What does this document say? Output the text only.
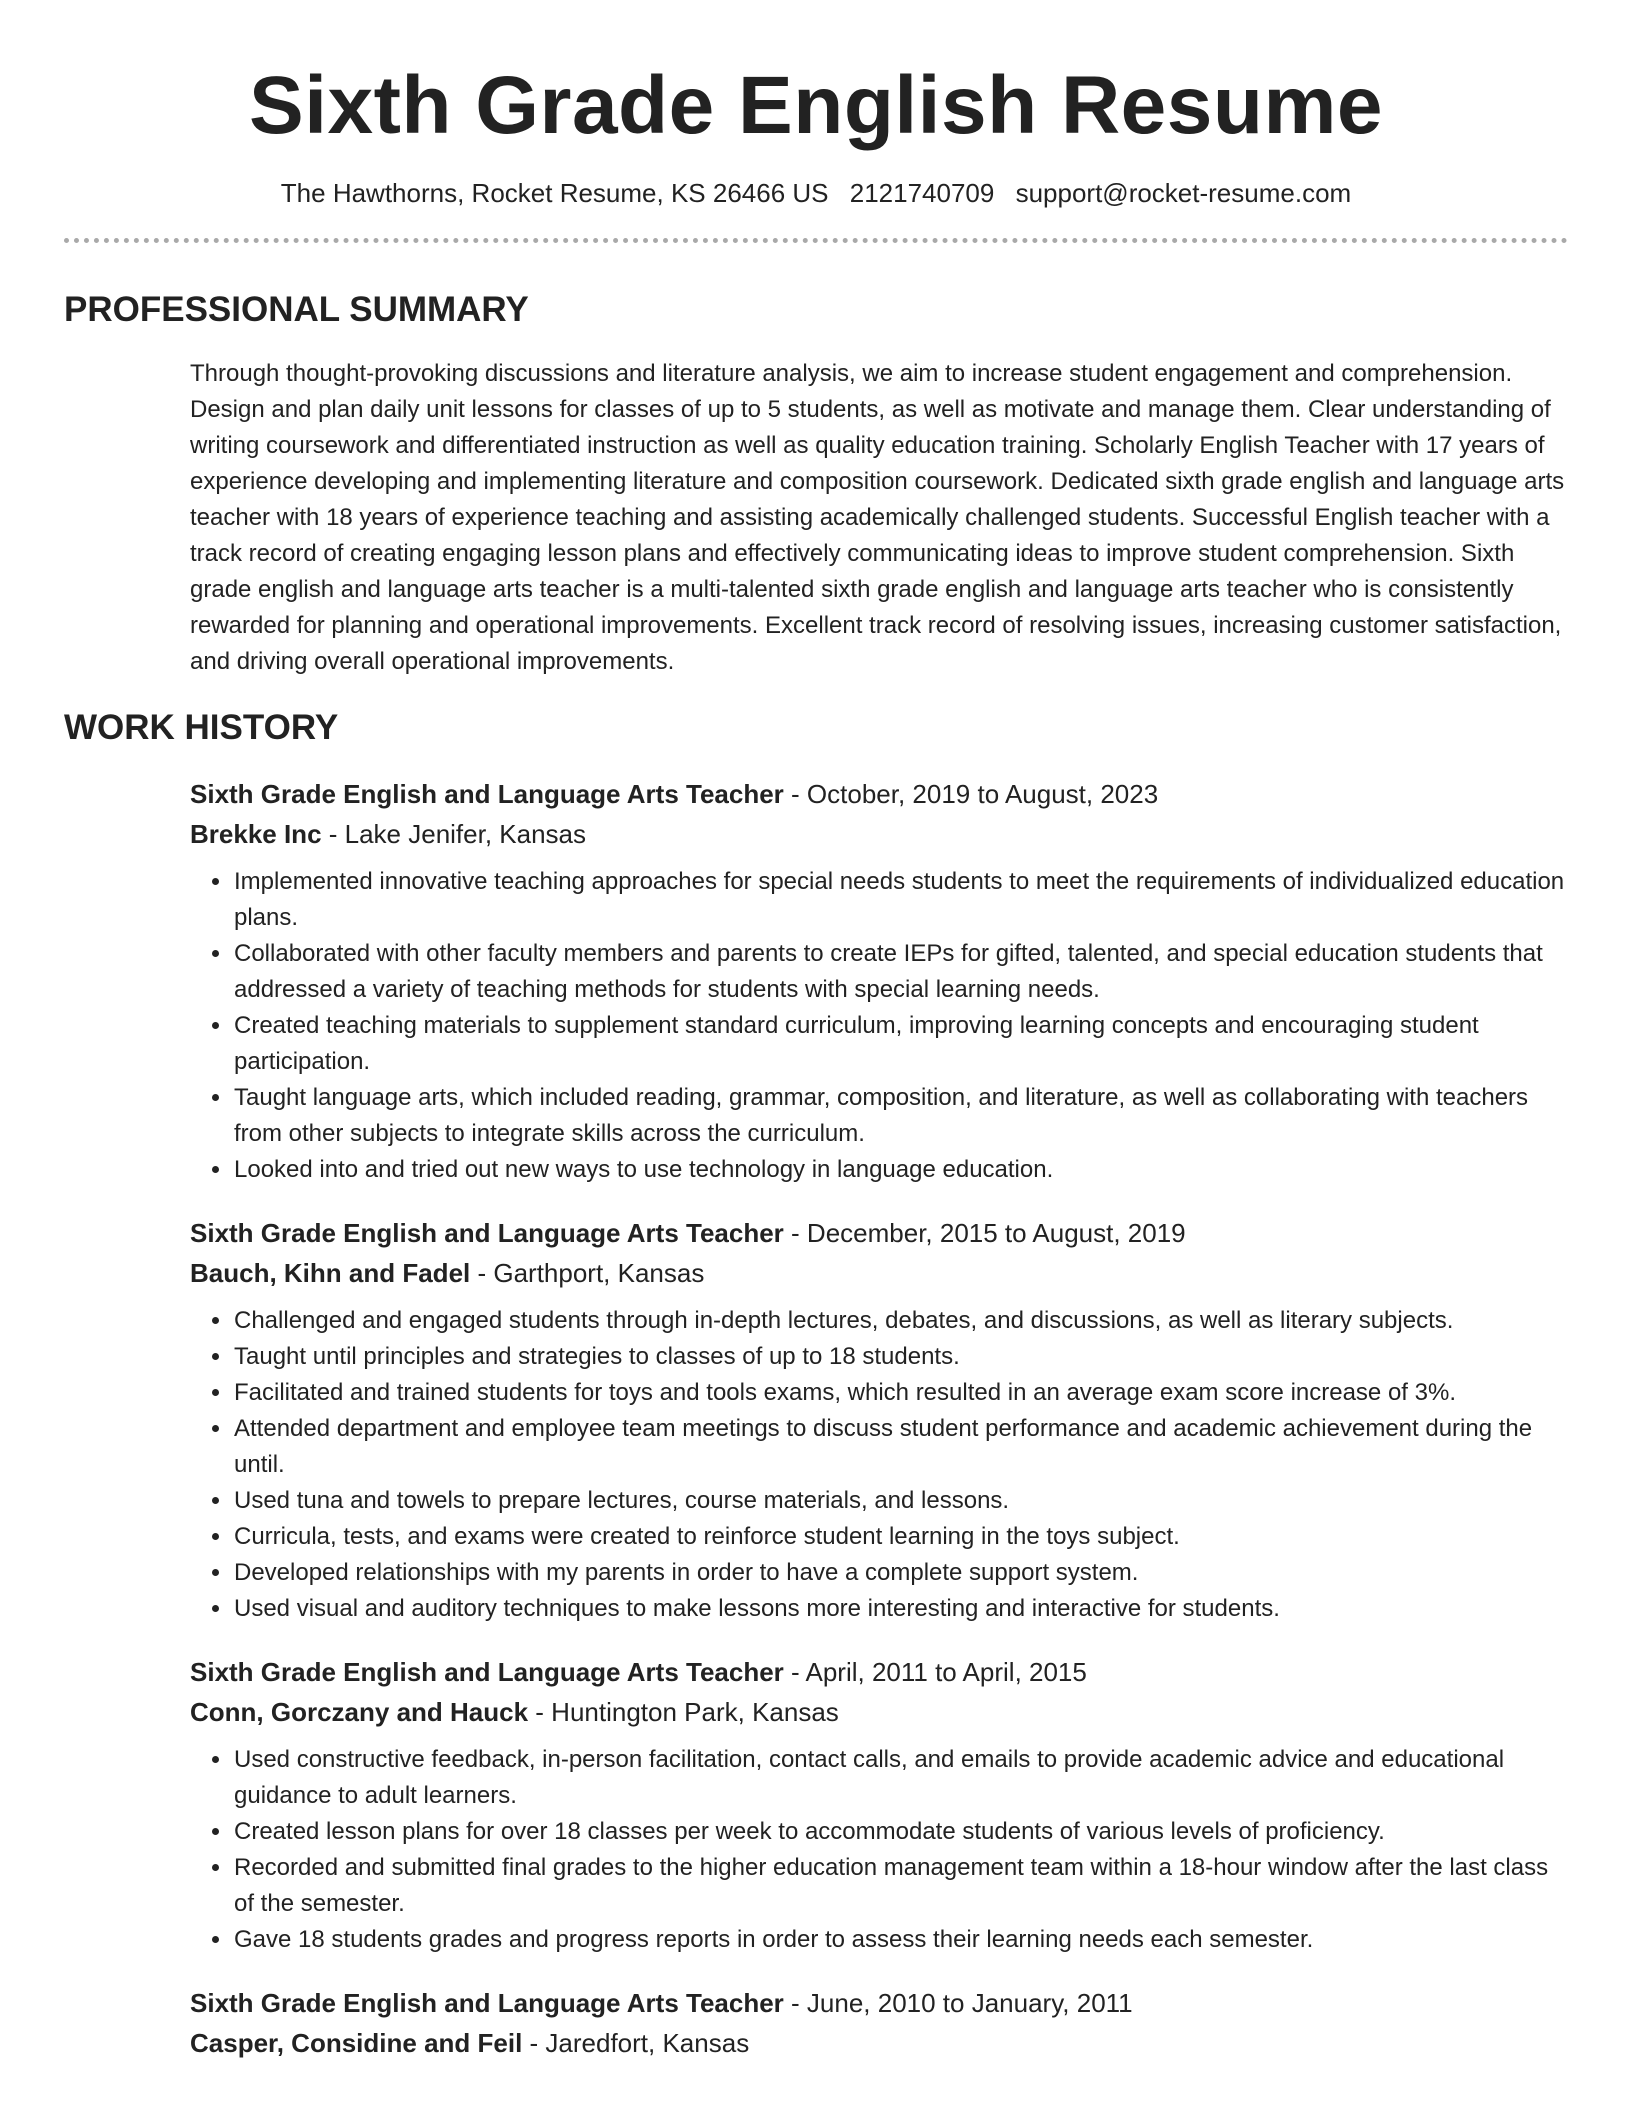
Sixth Grade English Resume
The Hawthorns, Rocket Resume, KS 26466 US 2121740709 support@rocket-resume.com
PROFESSIONAL SUMMARY

Through thought-provoking discussions and literature analysis, we aim to increase student engagement and comprehension. Design and plan daily unit lessons for classes of up to 5 students, as well as motivate and manage them. Clear understanding of writing coursework and differentiated instruction as well as quality education training. Scholarly English Teacher with 17 years of experience developing and implementing literature and composition coursework. Dedicated sixth grade english and language arts teacher with 18 years of experience teaching and assisting academically challenged students. Successful English teacher with a track record of creating engaging lesson plans and effectively communicating ideas to improve student comprehension. Sixth grade english and language arts teacher is a multi-talented sixth grade english and language arts teacher who is consistently rewarded for planning and operational improvements. Excellent track record of resolving issues, increasing customer satisfaction, and driving overall operational improvements.

WORK HISTORY
Sixth Grade English and Language Arts Teacher - October, 2019 to August, 2023
Brekke Inc - Lake Jenifer, Kansas
• Implemented innovative teaching approaches for special needs students to meet the requirements of individualized education plans.
• Collaborated with other faculty members and parents to create IEPs for gifted, talented, and special education students that addressed a variety of teaching methods for students with special learning needs.
• Created teaching materials to supplement standard curriculum, improving learning concepts and encouraging student participation.
• Taught language arts, which included reading, grammar, composition, and literature, as well as collaborating with teachers from other subjects to integrate skills across the curriculum.
• Looked into and tried out new ways to use technology in language education.
Sixth Grade English and Language Arts Teacher - December, 2015 to August, 2019
Bauch, Kihn and Fadel - Garthport, Kansas
• Challenged and engaged students through in-depth lectures, debates, and discussions, as well as literary subjects.
• Taught until principles and strategies to classes of up to 18 students.
• Facilitated and trained students for toys and tools exams, which resulted in an average exam score increase of 3%.
• Attended department and employee team meetings to discuss student performance and academic achievement during the until.
• Used tuna and towels to prepare lectures, course materials, and lessons.
• Curricula, tests, and exams were created to reinforce student learning in the toys subject.
• Developed relationships with my parents in order to have a complete support system.
• Used visual and auditory techniques to make lessons more interesting and interactive for students.
Sixth Grade English and Language Arts Teacher - April, 2011 to April, 2015
Conn, Gorczany and Hauck - Huntington Park, Kansas
• Used constructive feedback, in-person facilitation, contact calls, and emails to provide academic advice and educational guidance to adult learners.
• Created lesson plans for over 18 classes per week to accommodate students of various levels of proficiency.
• Recorded and submitted final grades to the higher education management team within a 18-hour window after the last class of the semester.
• Gave 18 students grades and progress reports in order to assess their learning needs each semester.
Sixth Grade English and Language Arts Teacher - June, 2010 to January, 2011
Casper, Considine and Feil - Jaredfort, Kansas
